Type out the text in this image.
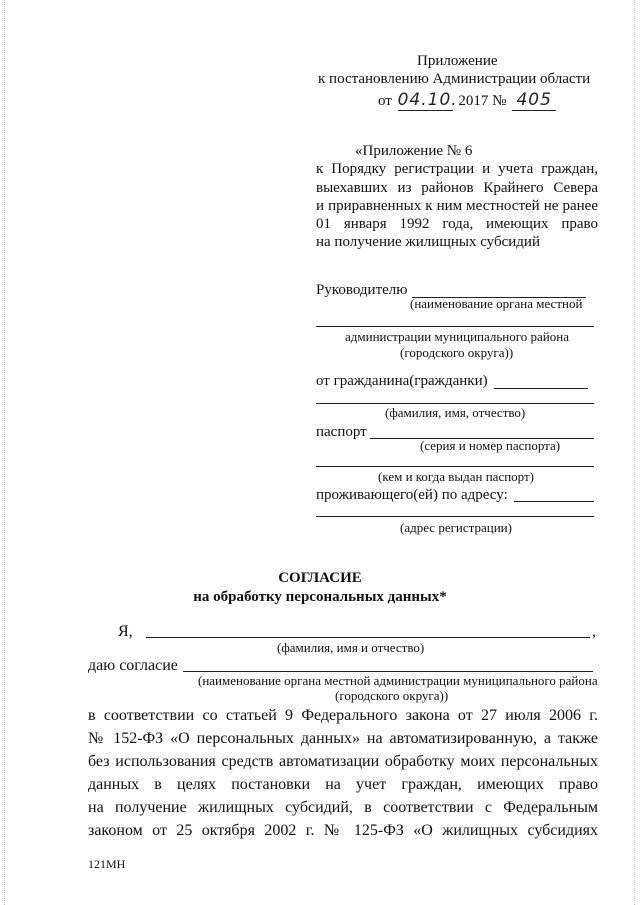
Приложение
к постановлению Администрации области
от 04.10. 2017 № 405
«Приложение № 6
к Порядку регистрации и учета граждан,
выехавших из районов Крайнего Севера
и приравненных к ним местностей не ранее
01 января 1992 года, имеющих право
на получение жилищных субсидий
Руководителю
(наименование органа местной
администрации муниципального района
(городского округа))
от гражданина(гражданки)
(фамилия, имя, отчество)
паспорт
(серия и номер паспорта)
(кем и когда выдан паспорт)
проживающего(ей) по адресу:
(адрес регистрации)
СОГЛАСИЕ
на обработку персональных данных*
Я,	,
(фамилия, имя и отчество)
даю согласие
(наименование органа местной администрации муниципального района
(городского округа))
в соответствии со статьей 9 Федерального закона от 27 июля 2006 г.
№ 152-ФЗ «О персональных данных» на автоматизированную, а также
без использования средств автоматизации обработку моих персональных
данных в целях постановки на учет граждан, имеющих право
на получение жилищных субсидий, в соответствии с Федеральным
законом от 25 октября 2002 г. № 125-ФЗ «О жилищных субсидиях
121МН
